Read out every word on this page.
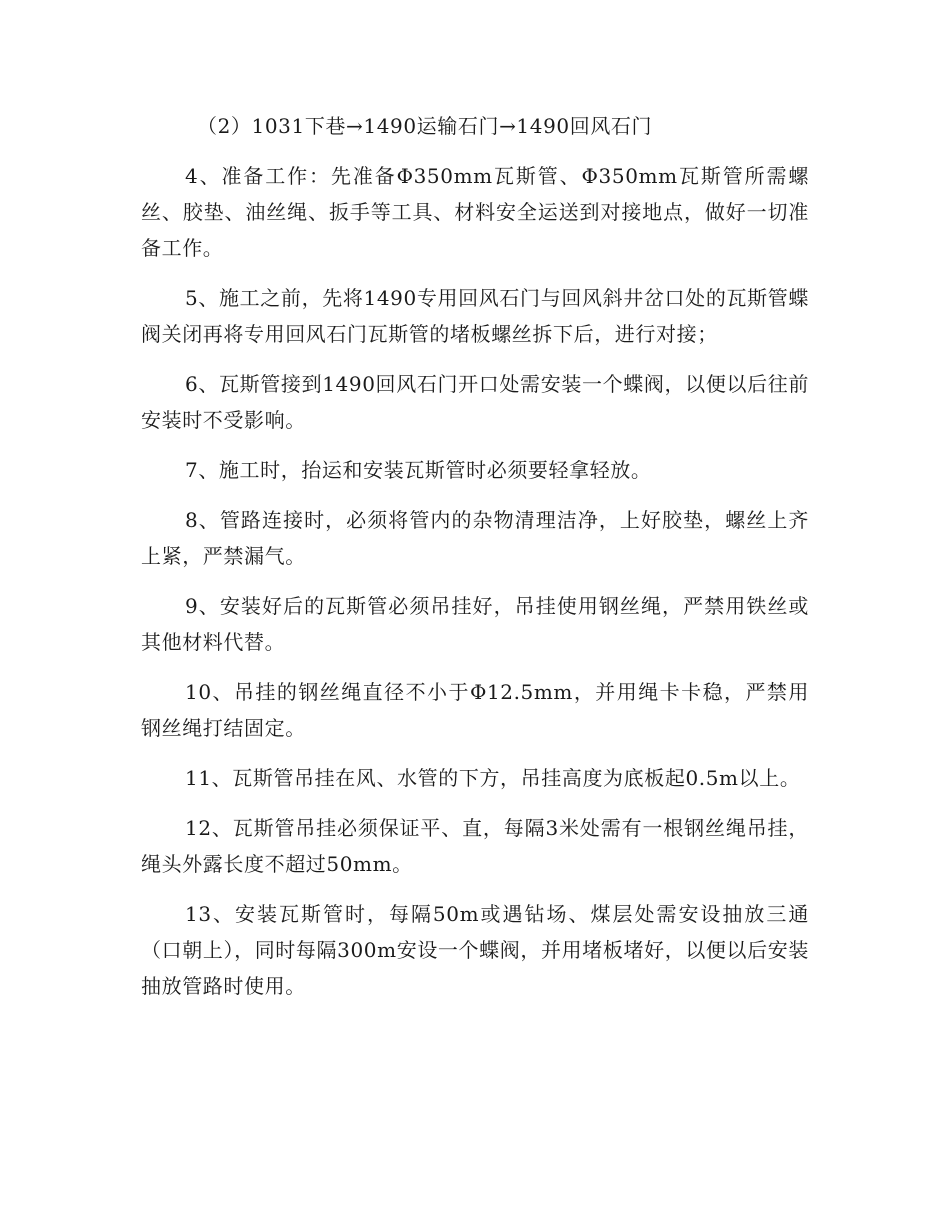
（2）1031下巷→1490运输石门→1490回风石门

4、准备工作：先准备Φ350mm瓦斯管、Φ350mm瓦斯管所需螺丝、胶垫、油丝绳、扳手等工具、材料安全运送到对接地点，做好一切准备工作。

5、施工之前，先将1490专用回风石门与回风斜井岔口处的瓦斯管蝶阀关闭再将专用回风石门瓦斯管的堵板螺丝拆下后，进行对接；

6、瓦斯管接到1490回风石门开口处需安装一个蝶阀，以便以后往前安装时不受影响。

7、施工时，抬运和安装瓦斯管时必须要轻拿轻放。

8、管路连接时，必须将管内的杂物清理洁净，上好胶垫，螺丝上齐上紧，严禁漏气。

9、安装好后的瓦斯管必须吊挂好，吊挂使用钢丝绳，严禁用铁丝或其他材料代替。

10、吊挂的钢丝绳直径不小于Φ12.5mm，并用绳卡卡稳，严禁用钢丝绳打结固定。

11、瓦斯管吊挂在风、水管的下方，吊挂高度为底板起0.5m以上。

12、瓦斯管吊挂必须保证平、直，每隔3米处需有一根钢丝绳吊挂，绳头外露长度不超过50mm。

13、安装瓦斯管时，每隔50m或遇钻场、煤层处需安设抽放三通（口朝上），同时每隔300m安设一个蝶阀，并用堵板堵好，以便以后安装抽放管路时使用。
